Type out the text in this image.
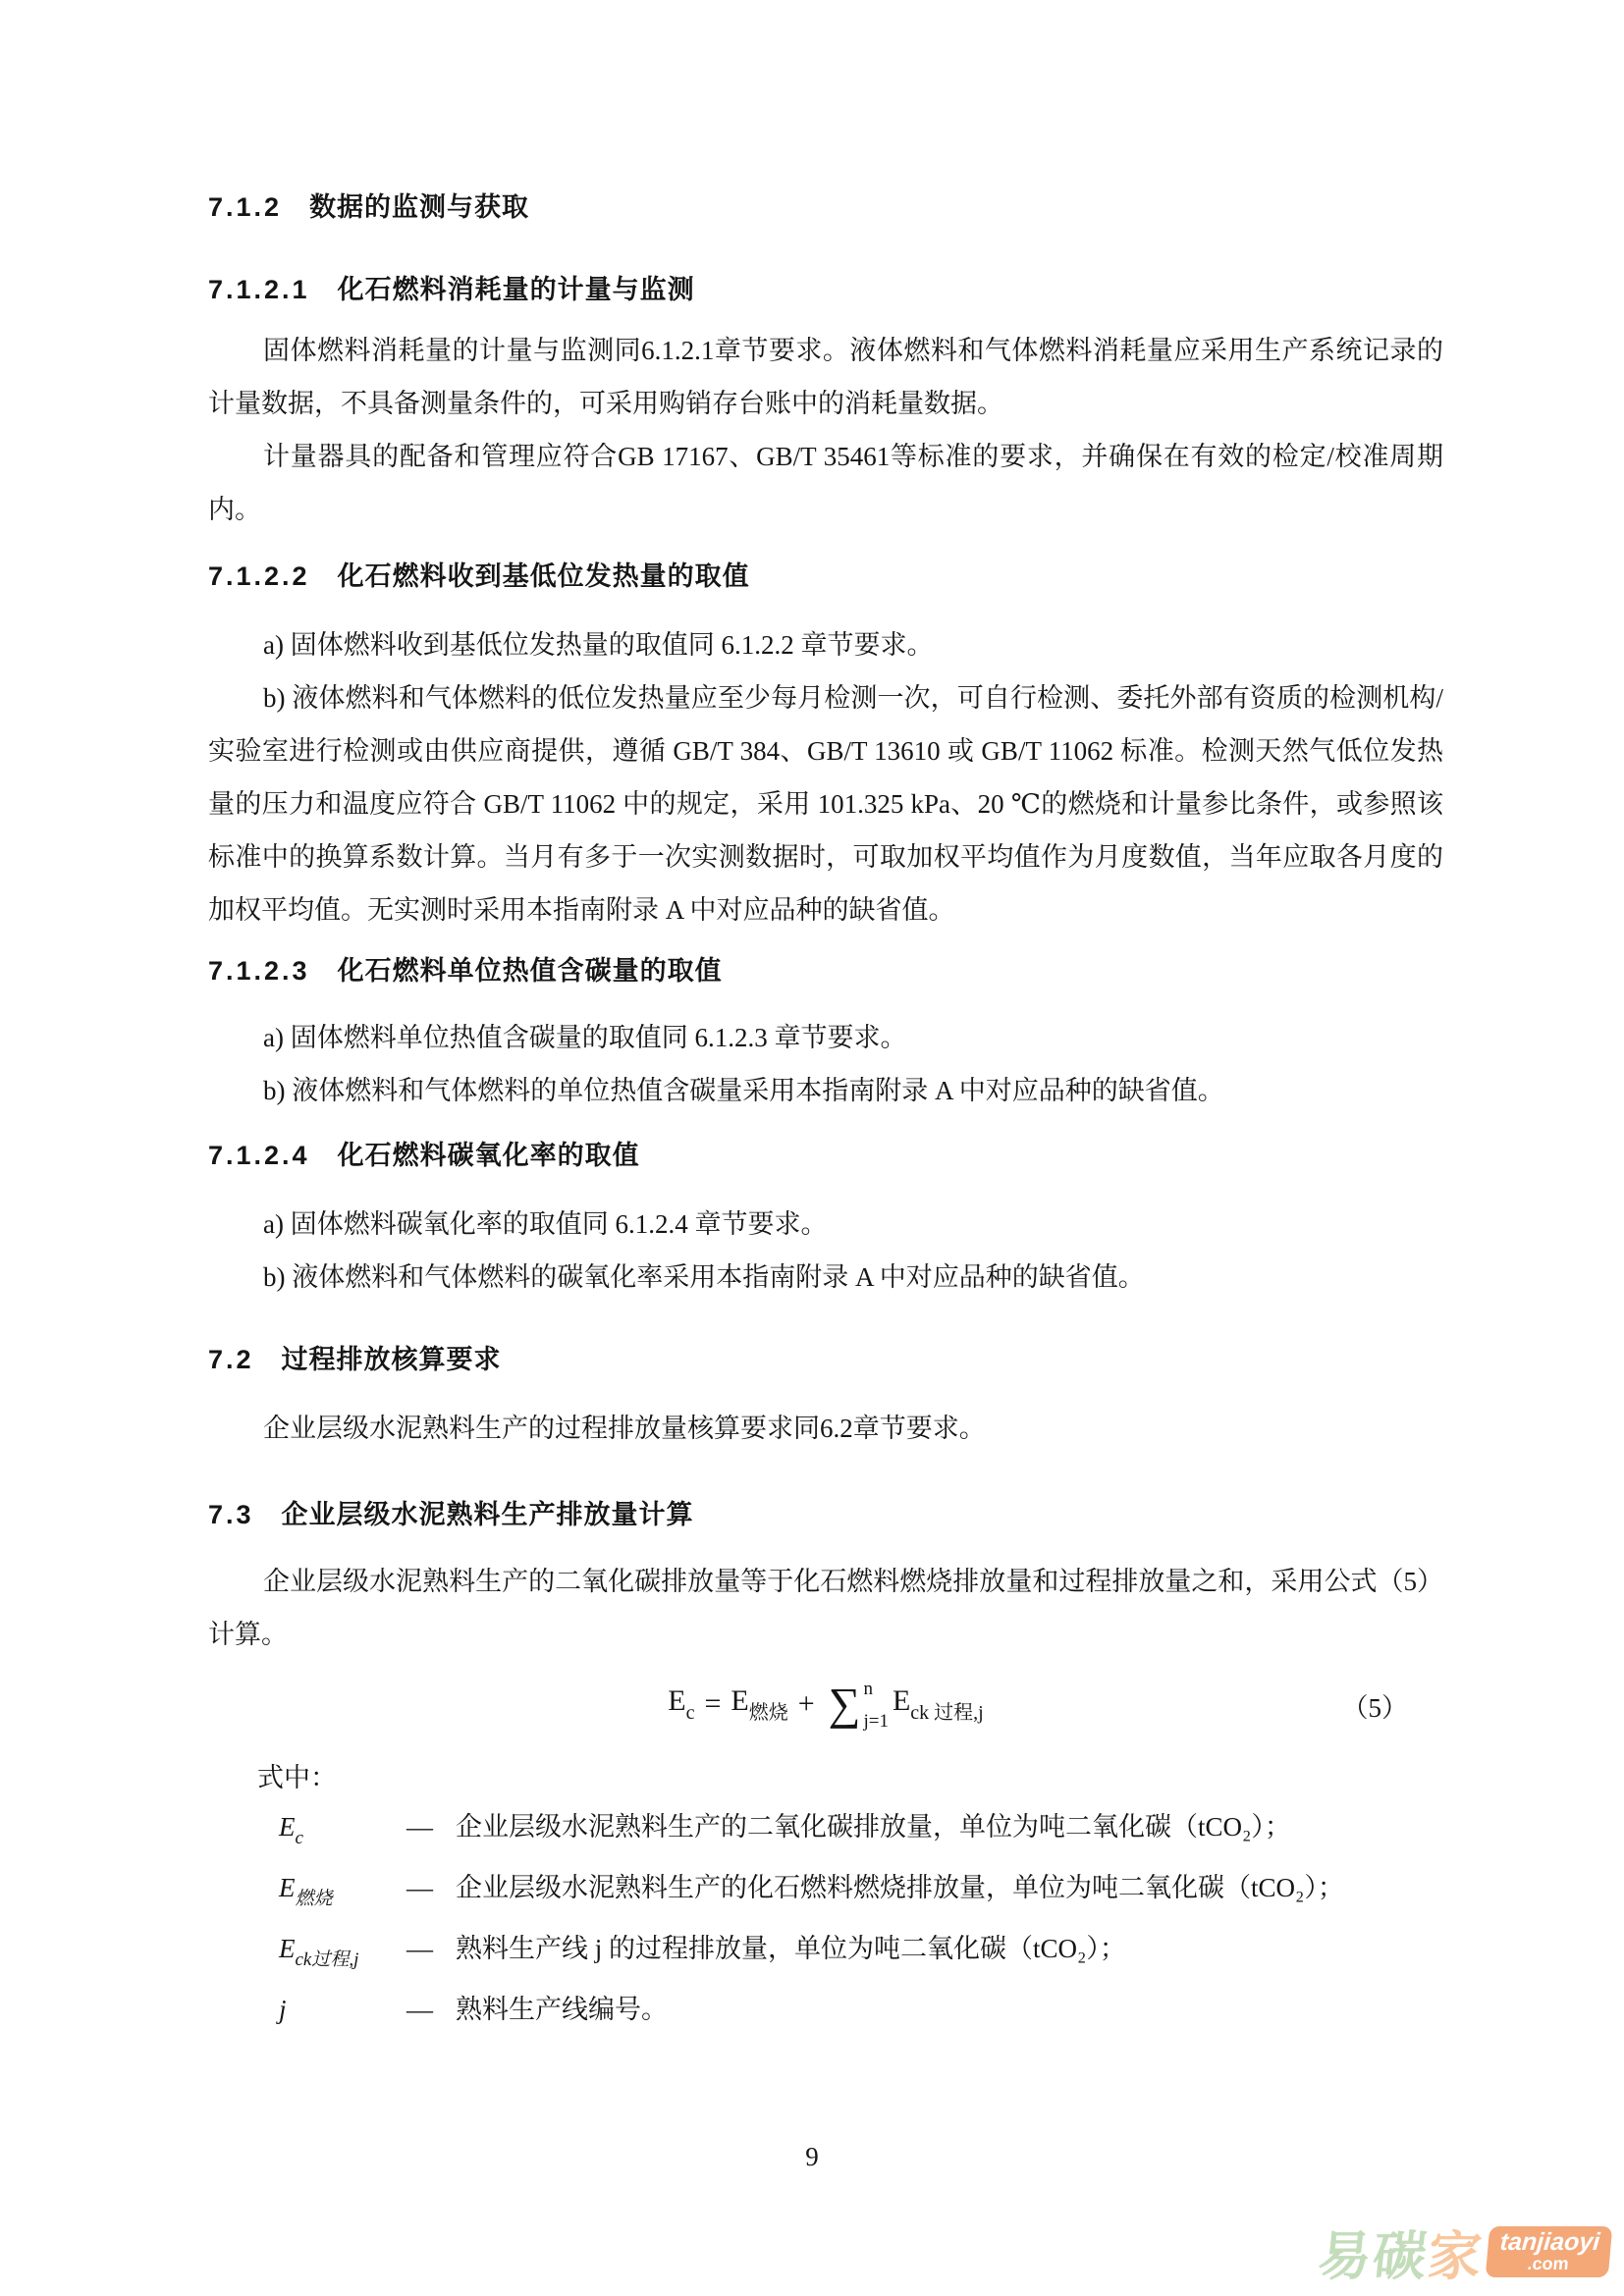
7.1.2 数据的监测与获取
7.1.2.1 化石燃料消耗量的计量与监测

固体燃料消耗量的计量与监测同6.1.2.1章节要求。液体燃料和气体燃料消耗量应采用生产系统记录的计量数据，不具备测量条件的，可采用购销存台账中的消耗量数据。

计量器具的配备和管理应符合GB 17167、GB/T 35461等标准的要求，并确保在有效的检定/校准周期内。

7.1.2.2 化石燃料收到基低位发热量的取值

a) 固体燃料收到基低位发热量的取值同 6.1.2.2 章节要求。

b) 液体燃料和气体燃料的低位发热量应至少每月检测一次，可自行检测、委托外部有资质的检测机构/实验室进行检测或由供应商提供，遵循 GB/T 384、GB/T 13610 或 GB/T 11062 标准。检测天然气低位发热量的压力和温度应符合 GB/T 11062 中的规定，采用 101.325 kPa、20 ℃的燃烧和计量参比条件，或参照该标准中的换算系数计算。当月有多于一次实测数据时，可取加权平均值作为月度数值，当年应取各月度的加权平均值。无实测时采用本指南附录 A 中对应品种的缺省值。

7.1.2.3 化石燃料单位热值含碳量的取值

a) 固体燃料单位热值含碳量的取值同 6.1.2.3 章节要求。

b) 液体燃料和气体燃料的单位热值含碳量采用本指南附录 A 中对应品种的缺省值。

7.1.2.4 化石燃料碳氧化率的取值

a) 固体燃料碳氧化率的取值同 6.1.2.4 章节要求。

b) 液体燃料和气体燃料的碳氧化率采用本指南附录 A 中对应品种的缺省值。

7.2 过程排放核算要求

企业层级水泥熟料生产的过程排放量核算要求同6.2章节要求。

7.3 企业层级水泥熟料生产排放量计算

企业层级水泥熟料生产的二氧化碳排放量等于化石燃料燃烧排放量和过程排放量之和，采用公式（5）计算。

$E_c = E_{燃烧}$ + ∑ n
j=1
$E_{ck 过程,j}$	（5）

式中：

$E_c$	— 企业层级水泥熟料生产的二氧化碳排放量，单位为吨二氧化碳（tCO₂）；
$E_{燃烧}$	— 企业层级水泥熟料生产的化石燃料燃烧排放量，单位为吨二氧化碳（tCO₂）；
$E_{ck过程,j}$	— 熟料生产线 j 的过程排放量，单位为吨二氧化碳（tCO₂）；
j	— 熟料生产线编号。
9
易碳
家 tanjiaoyi
.com
